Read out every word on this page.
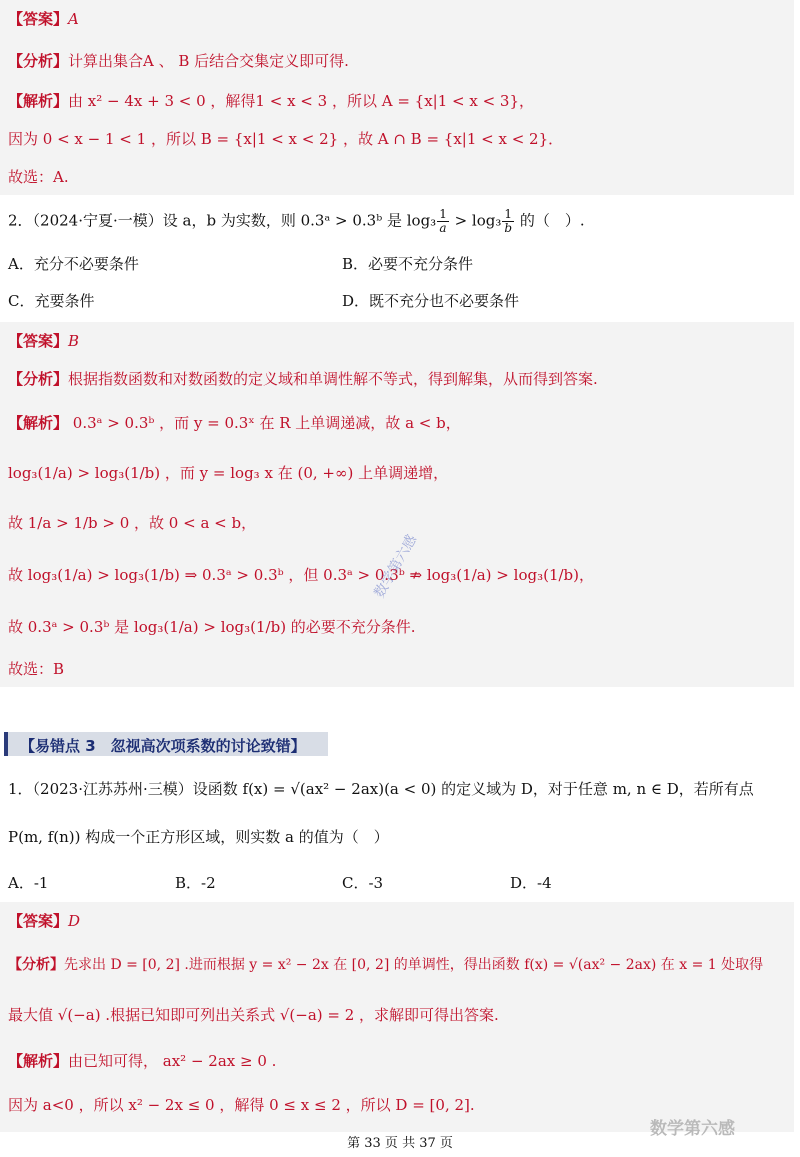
【答案】A
【分析】计算出集合A 、 B 后结合交集定义即可得.
【解析】由 x² − 4x + 3 < 0 ，解得1 < x < 3 ，所以 A = {x|1 < x < 3}，
因为 0 < x − 1 < 1 ，所以 B = {x|1 < x < 2} ，故 A ∩ B = {x|1 < x < 2}．
故选：A.
2．（2024·宁夏·一模）设 a，b 为实数，则 0.3ᵃ > 0.3ᵇ 是 $\log_3 \frac{1}{a} > \log_3 \frac{1}{b}$ 的（　）.
A．充分不必要条件	B．必要不充分条件
C．充要条件	D．既不充分也不必要条件
【答案】B
【分析】根据指数函数和对数函数的定义域和单调性解不等式，得到解集，从而得到答案.
【解析】 0.3ᵃ > 0.3ᵇ ，而 y = 0.3ˣ 在 R 上单调递减，故 a < b，
log₃(1/a) > log₃(1/b) ，而 y = log₃ x 在 (0, +∞) 上单调递增，
故 1/a > 1/b > 0 ，故 0 < a < b，
故 log₃(1/a) > log₃(1/b) ⇒ 0.3ᵃ > 0.3ᵇ ，但 0.3ᵃ > 0.3ᵇ ⇏ log₃(1/a) > log₃(1/b)，
故 0.3ᵃ > 0.3ᵇ 是 log₃(1/a) > log₃(1/b) 的必要不充分条件.
故选：B
数学第六感
【易错点 3　忽视高次项系数的讨论致错】
1．（2023·江苏苏州·三模）设函数 f(x) = √(ax² − 2ax)(a < 0) 的定义域为 D，对于任意 m, n ∈ D，若所有点
P(m, f(n)) 构成一个正方形区域，则实数 a 的值为（　）
A．-1	B．-2	C．-3	D．-4
【答案】D
【分析】先求出 D = [0, 2] .进而根据 y = x² − 2x 在 [0, 2] 的单调性，得出函数 f(x) = √(ax² − 2ax) 在 x = 1 处取得
最大值 √(−a) .根据已知即可列出关系式 √(−a) = 2 ，求解即可得出答案.
【解析】由已知可得， ax² − 2ax ≥ 0 .
因为 a<0 ，所以 x² − 2x ≤ 0 ，解得 0 ≤ x ≤ 2 ，所以 D = [0, 2].
数学第六感
第 33 页 共 37 页
